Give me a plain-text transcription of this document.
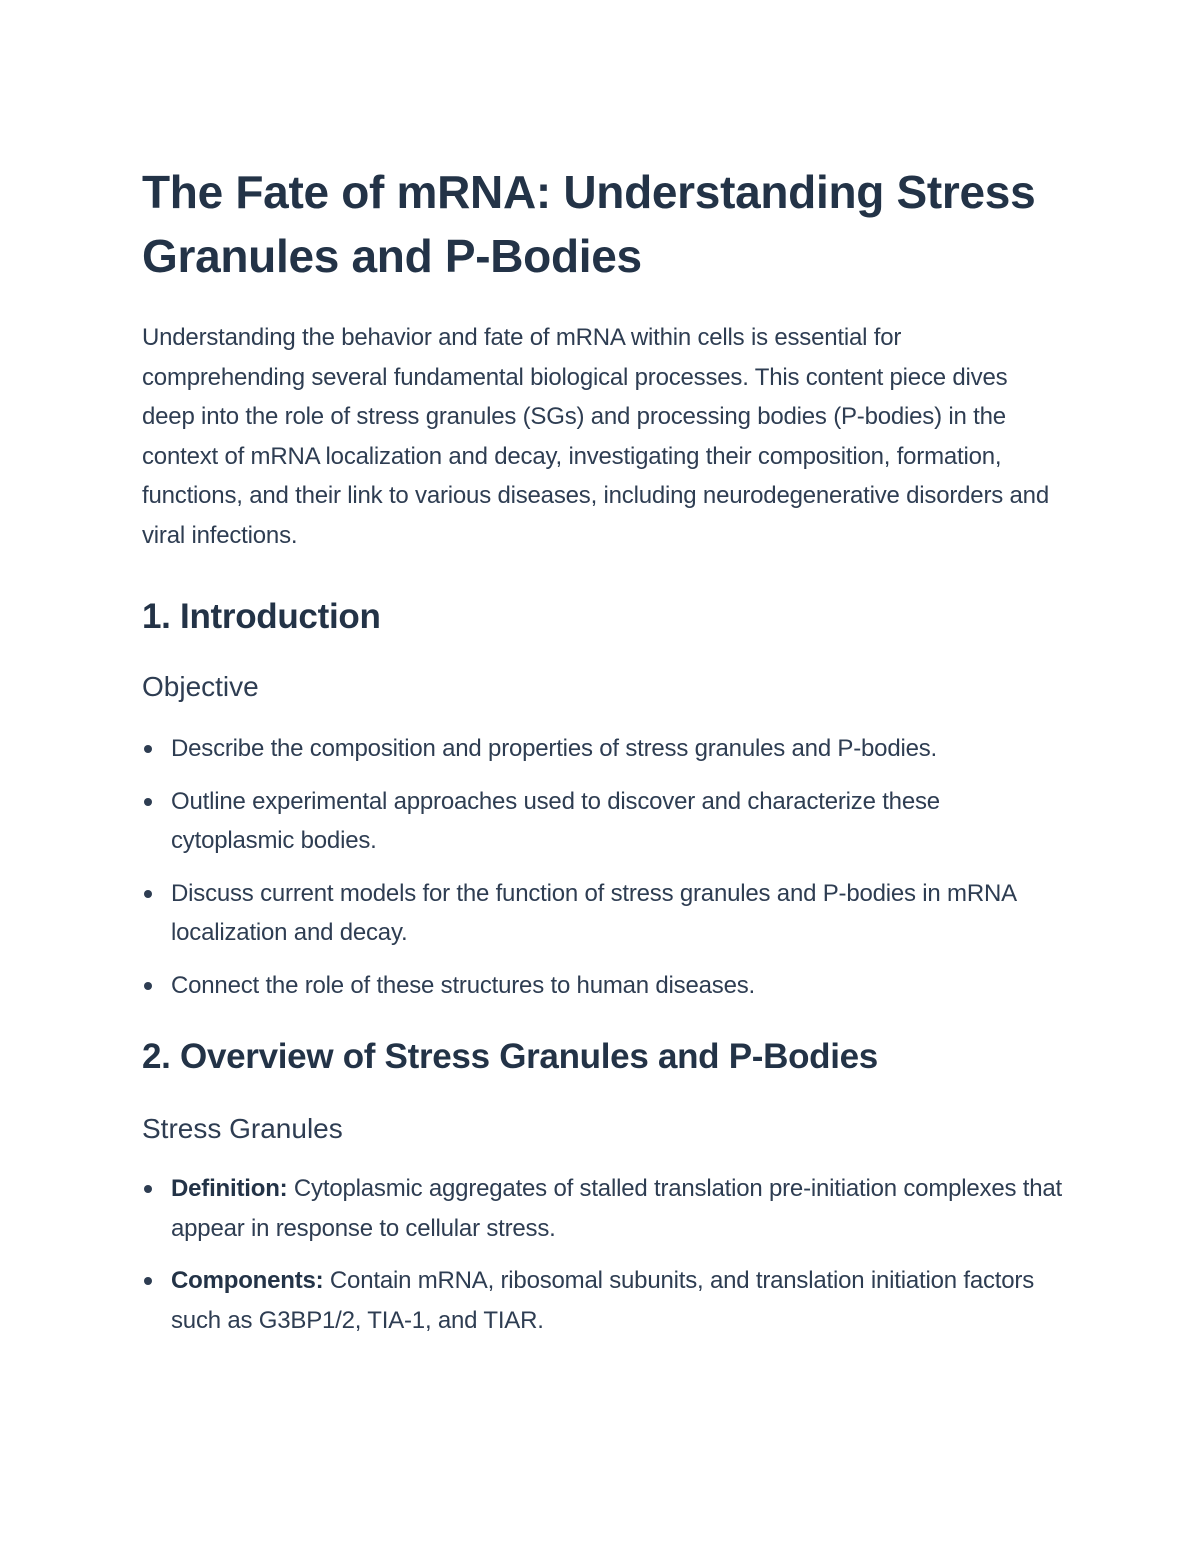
The Fate of mRNA: Understanding Stress Granules and P-Bodies

Understanding the behavior and fate of mRNA within cells is essential for comprehending several fundamental biological processes. This content piece dives deep into the role of stress granules (SGs) and processing bodies (P-bodies) in the context of mRNA localization and decay, investigating their composition, formation, functions, and their link to various diseases, including neurodegenerative disorders and viral infections.

1. Introduction
Objective
Describe the composition and properties of stress granules and P-bodies.
Outline experimental approaches used to discover and characterize these cytoplasmic bodies.
Discuss current models for the function of stress granules and P-bodies in mRNA localization and decay.
Connect the role of these structures to human diseases.
2. Overview of Stress Granules and P-Bodies
Stress Granules
Definition: Cytoplasmic aggregates of stalled translation pre-initiation complexes that appear in response to cellular stress.
Components: Contain mRNA, ribosomal subunits, and translation initiation factors such as G3BP1/2, TIA-1, and TIAR.
